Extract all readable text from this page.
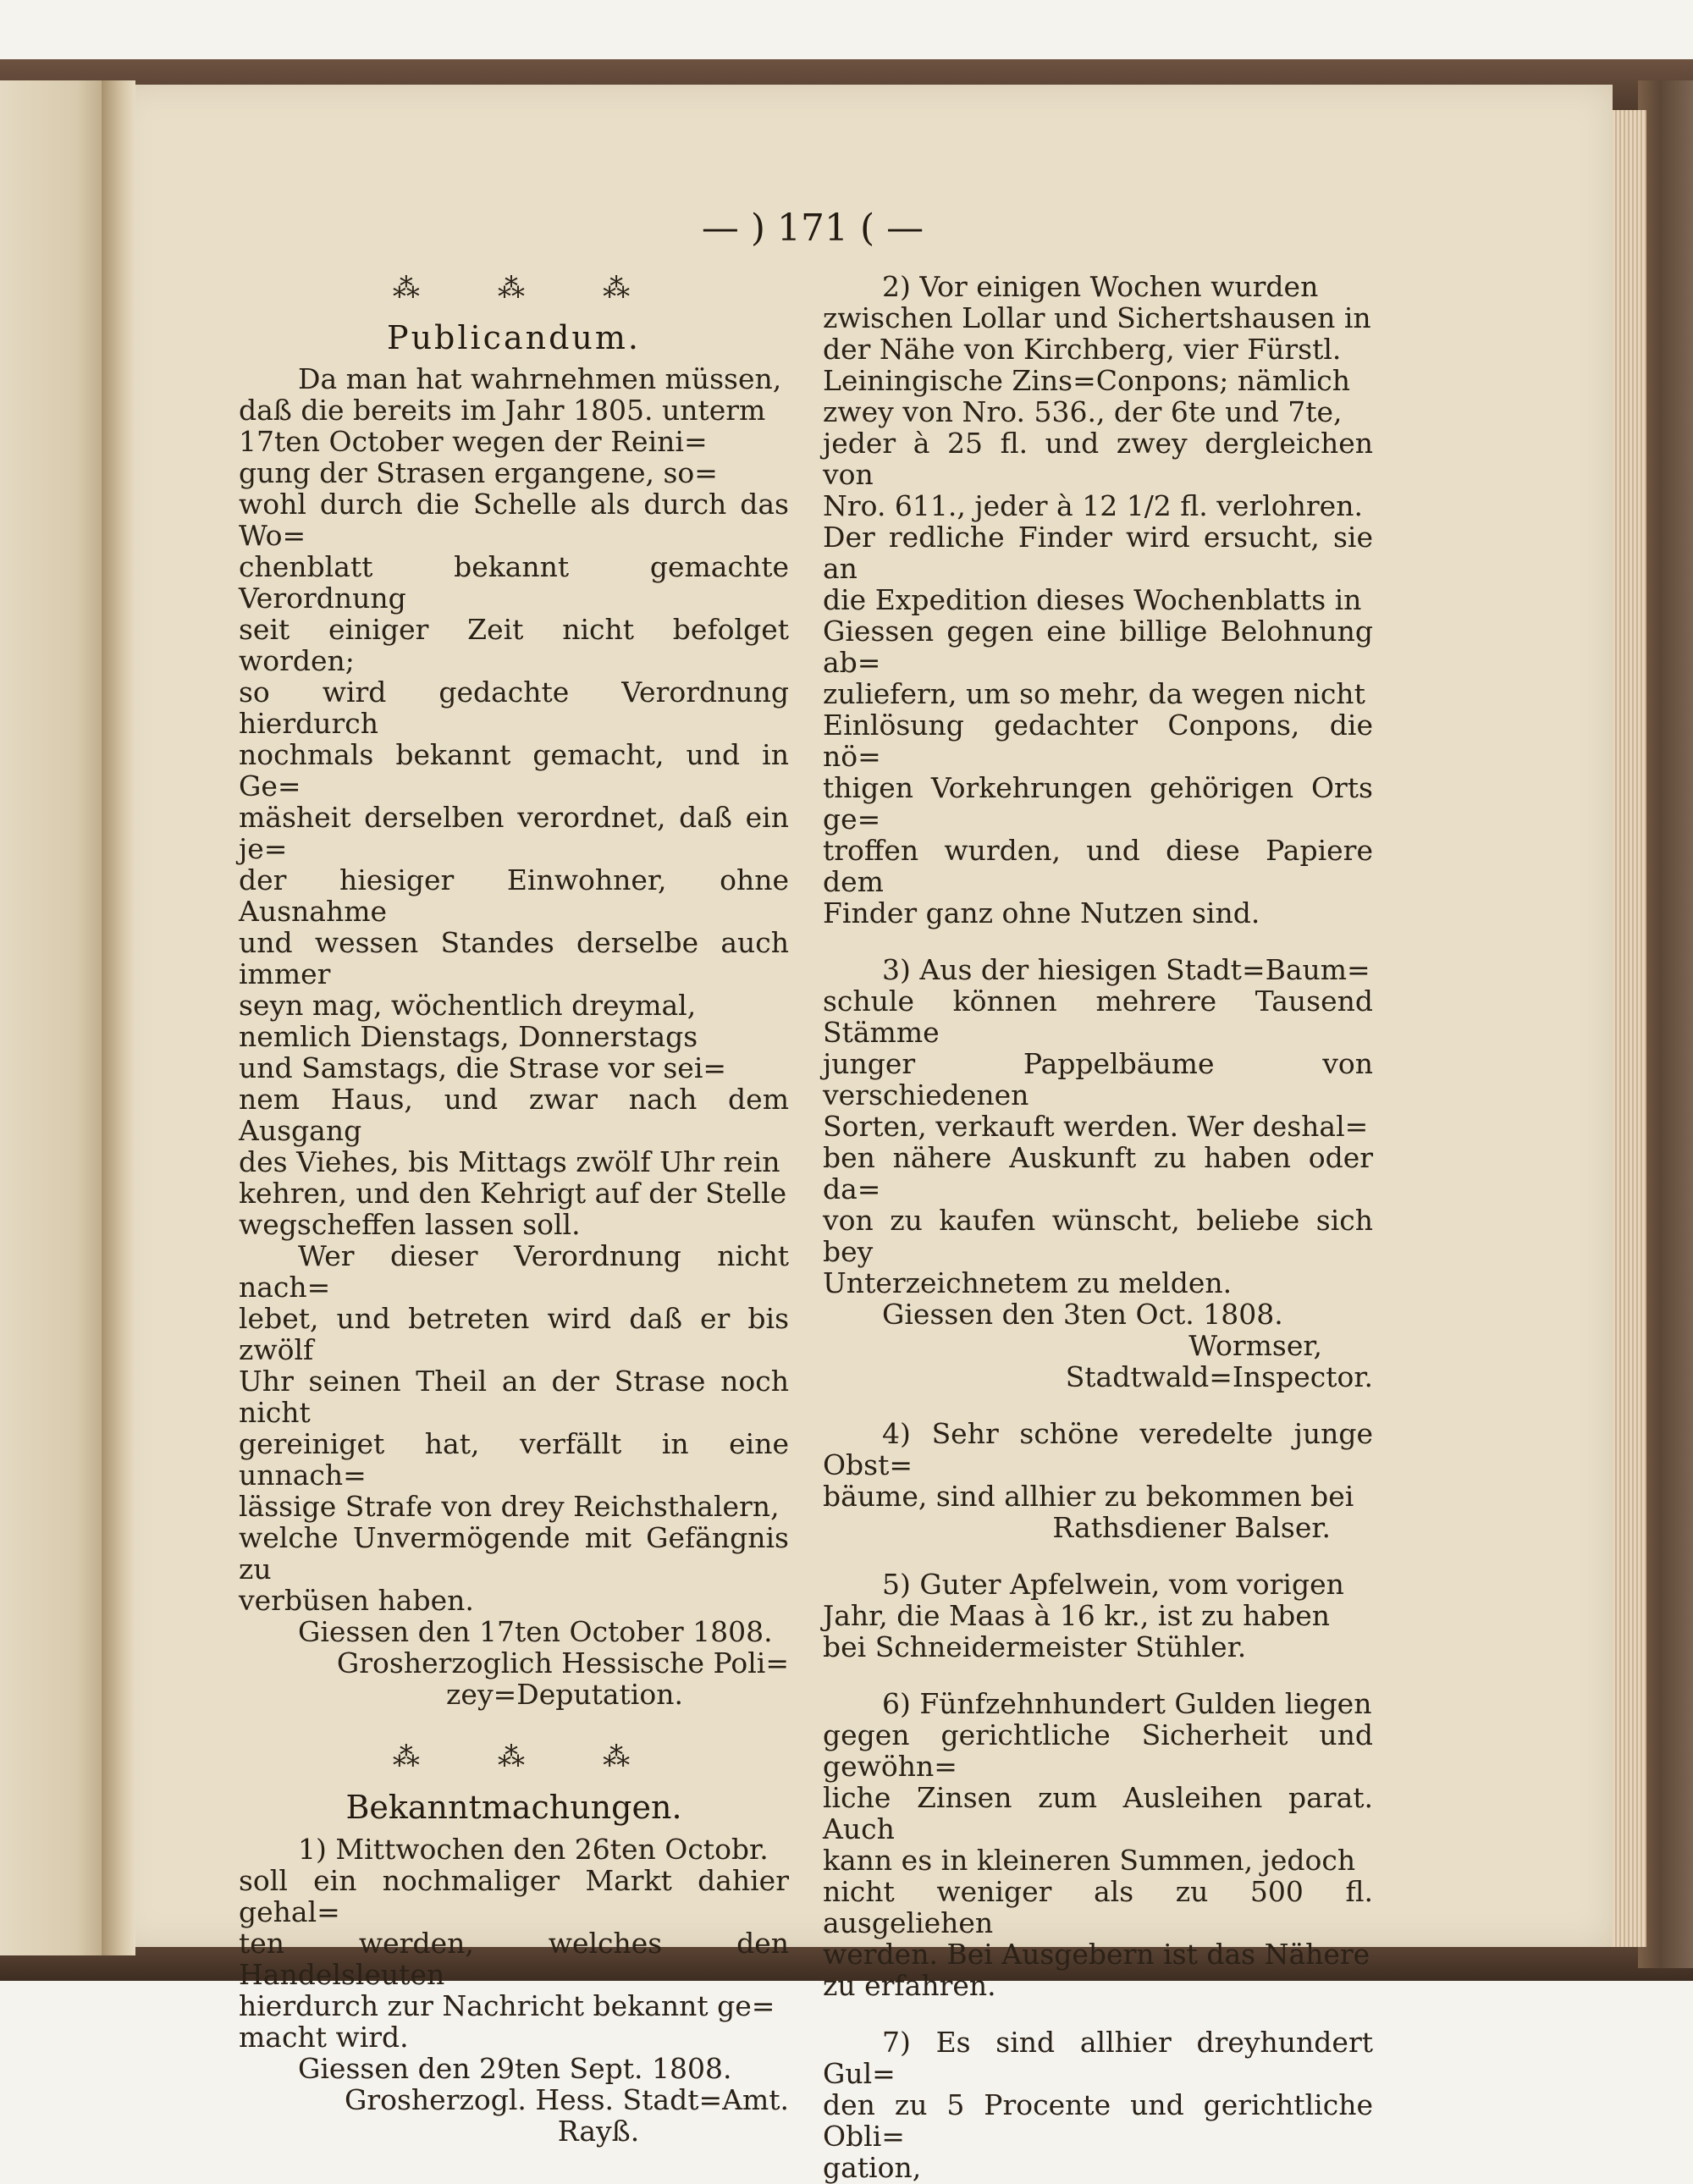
— ) 171 ( —
⁂ ⁂ ⁂
Publicandum.

Da man hat wahrnehmen müssen,

daß die bereits im Jahr 1805. unterm

17ten October wegen der Reini=

gung der Strasen ergangene, so=

wohl durch die Schelle als durch das Wo=

chenblatt bekannt gemachte Verordnung

seit einiger Zeit nicht befolget worden;

so wird gedachte Verordnung hierdurch

nochmals bekannt gemacht, und in Ge=

mäsheit derselben verordnet, daß ein je=

der hiesiger Einwohner, ohne Ausnahme

und wessen Standes derselbe auch immer

seyn mag, wöchentlich dreymal,

nemlich Dienstags, Donnerstags

und Samstags, die Strase vor sei=

nem Haus, und zwar nach dem Ausgang

des Viehes, bis Mittags zwölf Uhr rein

kehren, und den Kehrigt auf der Stelle

wegscheffen lassen soll.

Wer dieser Verordnung nicht nach=

lebet, und betreten wird daß er bis zwölf

Uhr seinen Theil an der Strase noch nicht

gereiniget hat, verfällt in eine unnach=

lässige Strafe von drey Reichsthalern,

welche Unvermögende mit Gefängnis zu

verbüsen haben.

Giessen den 17ten October 1808.

Grosherzoglich Hessische Poli=

zey=Deputation.

⁂ ⁂ ⁂
Bekanntmachungen.

1) Mittwochen den 26ten Octobr.

soll ein nochmaliger Markt dahier gehal=

ten werden, welches den Handelsleuten

hierdurch zur Nachricht bekannt ge=

macht wird.

Giessen den 29ten Sept. 1808.

Grosherzogl. Hess. Stadt=Amt.

Rayß.

2) Vor einigen Wochen wurden

zwischen Lollar und Sichertshausen in

der Nähe von Kirchberg, vier Fürstl.

Leiningische Zins=Conpons; nämlich

zwey von Nro. 536., der 6te und 7te,

jeder à 25 fl. und zwey dergleichen von

Nro. 611., jeder à 12 1/2 fl. verlohren.

Der redliche Finder wird ersucht, sie an

die Expedition dieses Wochenblatts in

Giessen gegen eine billige Belohnung ab=

zuliefern, um so mehr, da wegen nicht

Einlösung gedachter Conpons, die nö=

thigen Vorkehrungen gehörigen Orts ge=

troffen wurden, und diese Papiere dem

Finder ganz ohne Nutzen sind.

3) Aus der hiesigen Stadt=Baum=

schule können mehrere Tausend Stämme

junger Pappelbäume von verschiedenen

Sorten, verkauft werden. Wer deshal=

ben nähere Auskunft zu haben oder da=

von zu kaufen wünscht, beliebe sich bey

Unterzeichnetem zu melden.

Giessen den 3ten Oct. 1808.

Wormser,

Stadtwald=Inspector.

4) Sehr schöne veredelte junge Obst=

bäume, sind allhier zu bekommen bei

Rathsdiener Balser.

5) Guter Apfelwein, vom vorigen

Jahr, die Maas à 16 kr., ist zu haben

bei Schneidermeister Stühler.

6) Fünfzehnhundert Gulden liegen

gegen gerichtliche Sicherheit und gewöhn=

liche Zinsen zum Ausleihen parat. Auch

kann es in kleineren Summen, jedoch

nicht weniger als zu 500 fl. ausgeliehen

werden. Bei Ausgebern ist das Nähere

zu erfahren.

7) Es sind allhier dreyhundert Gul=

den zu 5 Procente und gerichtliche Obli=

gation,
